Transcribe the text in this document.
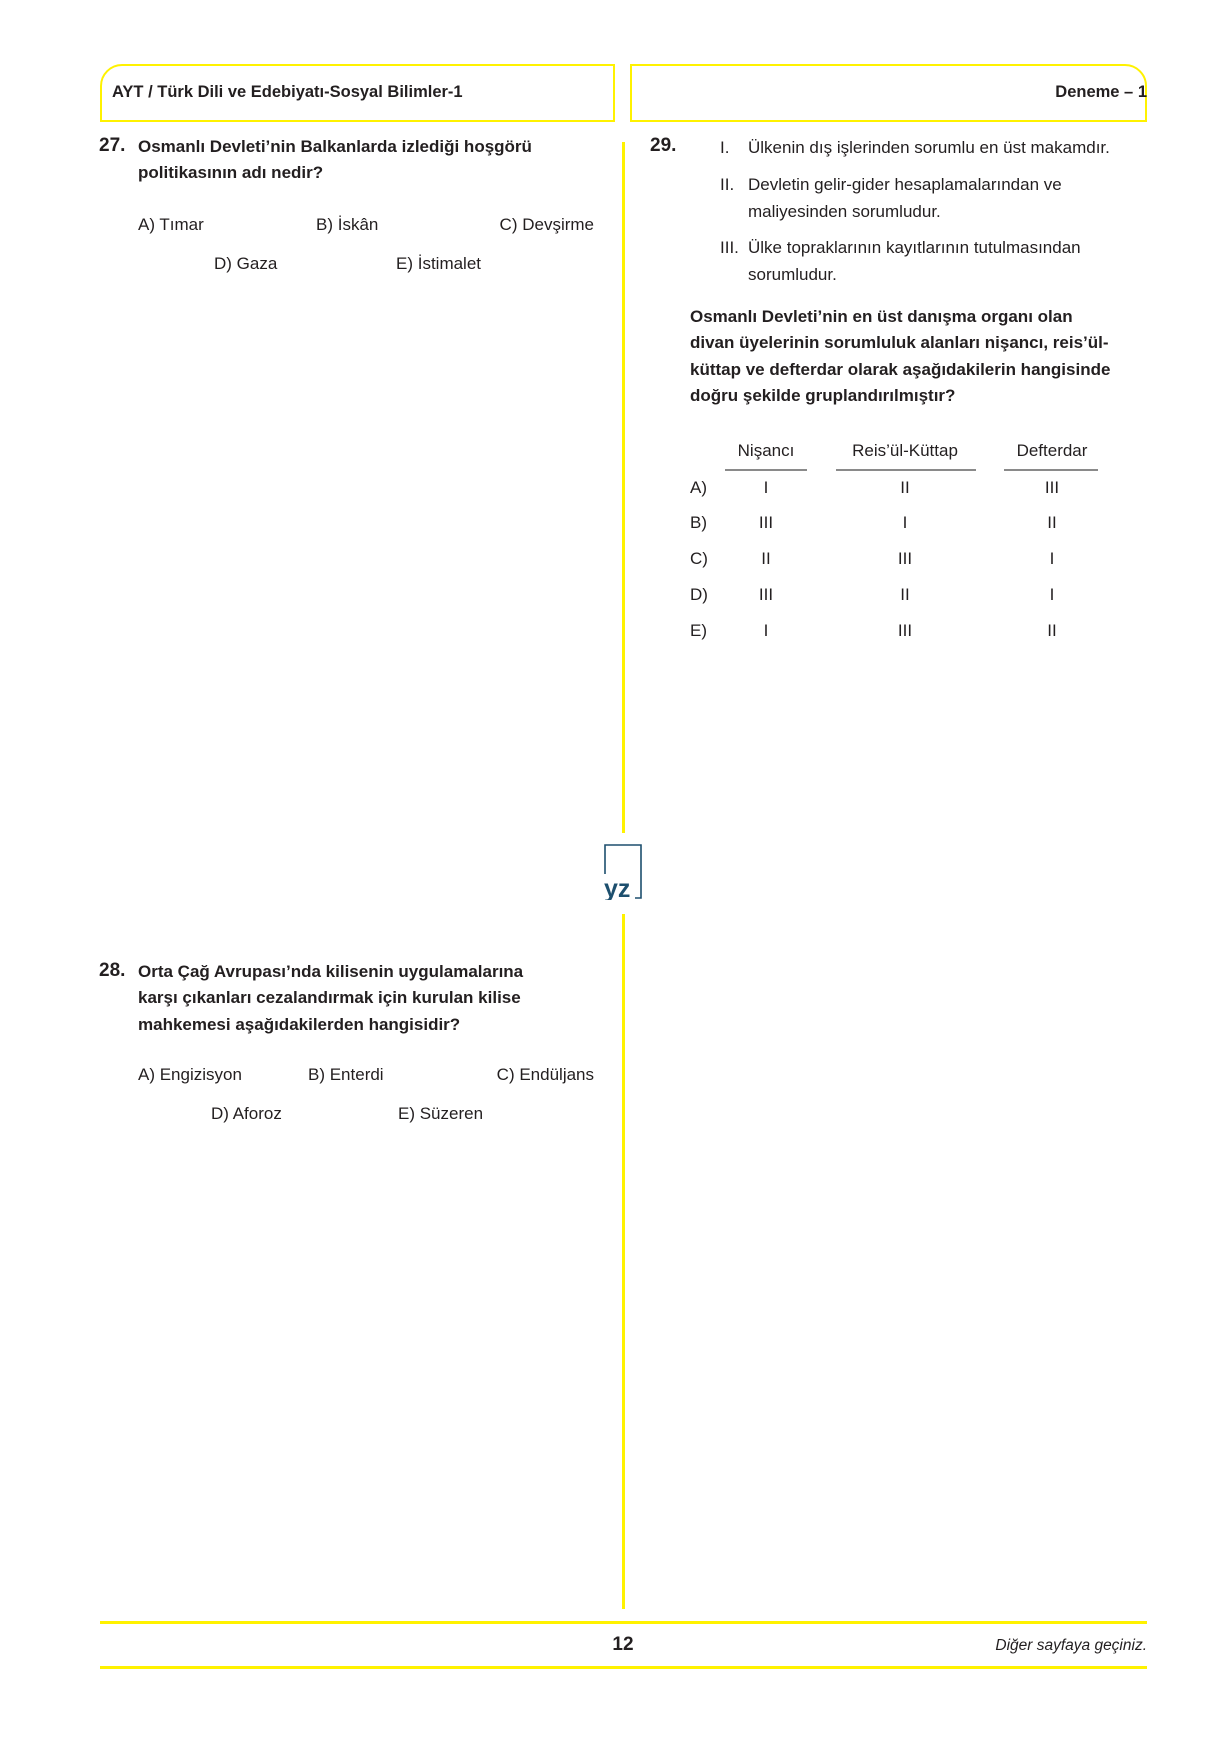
AYT / Türk Dili ve Edebiyatı-Sosyal Bilimler-1	Deneme – 1
27. Osmanlı Devleti’nin Balkanlarda izlediği hoşgörü
politikasının adı nedir?
A) Tımar	B) İskân	C) Devşirme
D) Gaza	E) İstimalet
yz
28. Orta Çağ Avrupası’nda kilisenin uygulamalarına
karşı çıkanları cezalandırmak için kurulan kilise
mahkemesi aşağıdakilerden hangisidir?
A) Engizisyon	B) Enterdi	C) Endüljans
D) Aforoz	E) Süzeren
29.	I. Ülkenin dış işlerinden sorumlu en üst makamdır.
II. Devletin gelir-gider hesaplamalarından ve
maliyesinden sorumludur.
III. Ülke topraklarının kayıtlarının tutulmasından
sorumludur.
Osmanlı Devleti’nin en üst danışma organı olan
divan üyelerinin sorumluluk alanları nişancı, reis’ül-
küttap ve defterdar olarak aşağıdakilerin hangisinde
doğru şekilde gruplandırılmıştır?
Nişancı	Reis’ül-Küttap	Defterdar
A)	I	II	III
B)	III	I	II
C)	II	III	I
D)	III	II	I
E)	I	III	II
12	Diğer sayfaya geçiniz.
